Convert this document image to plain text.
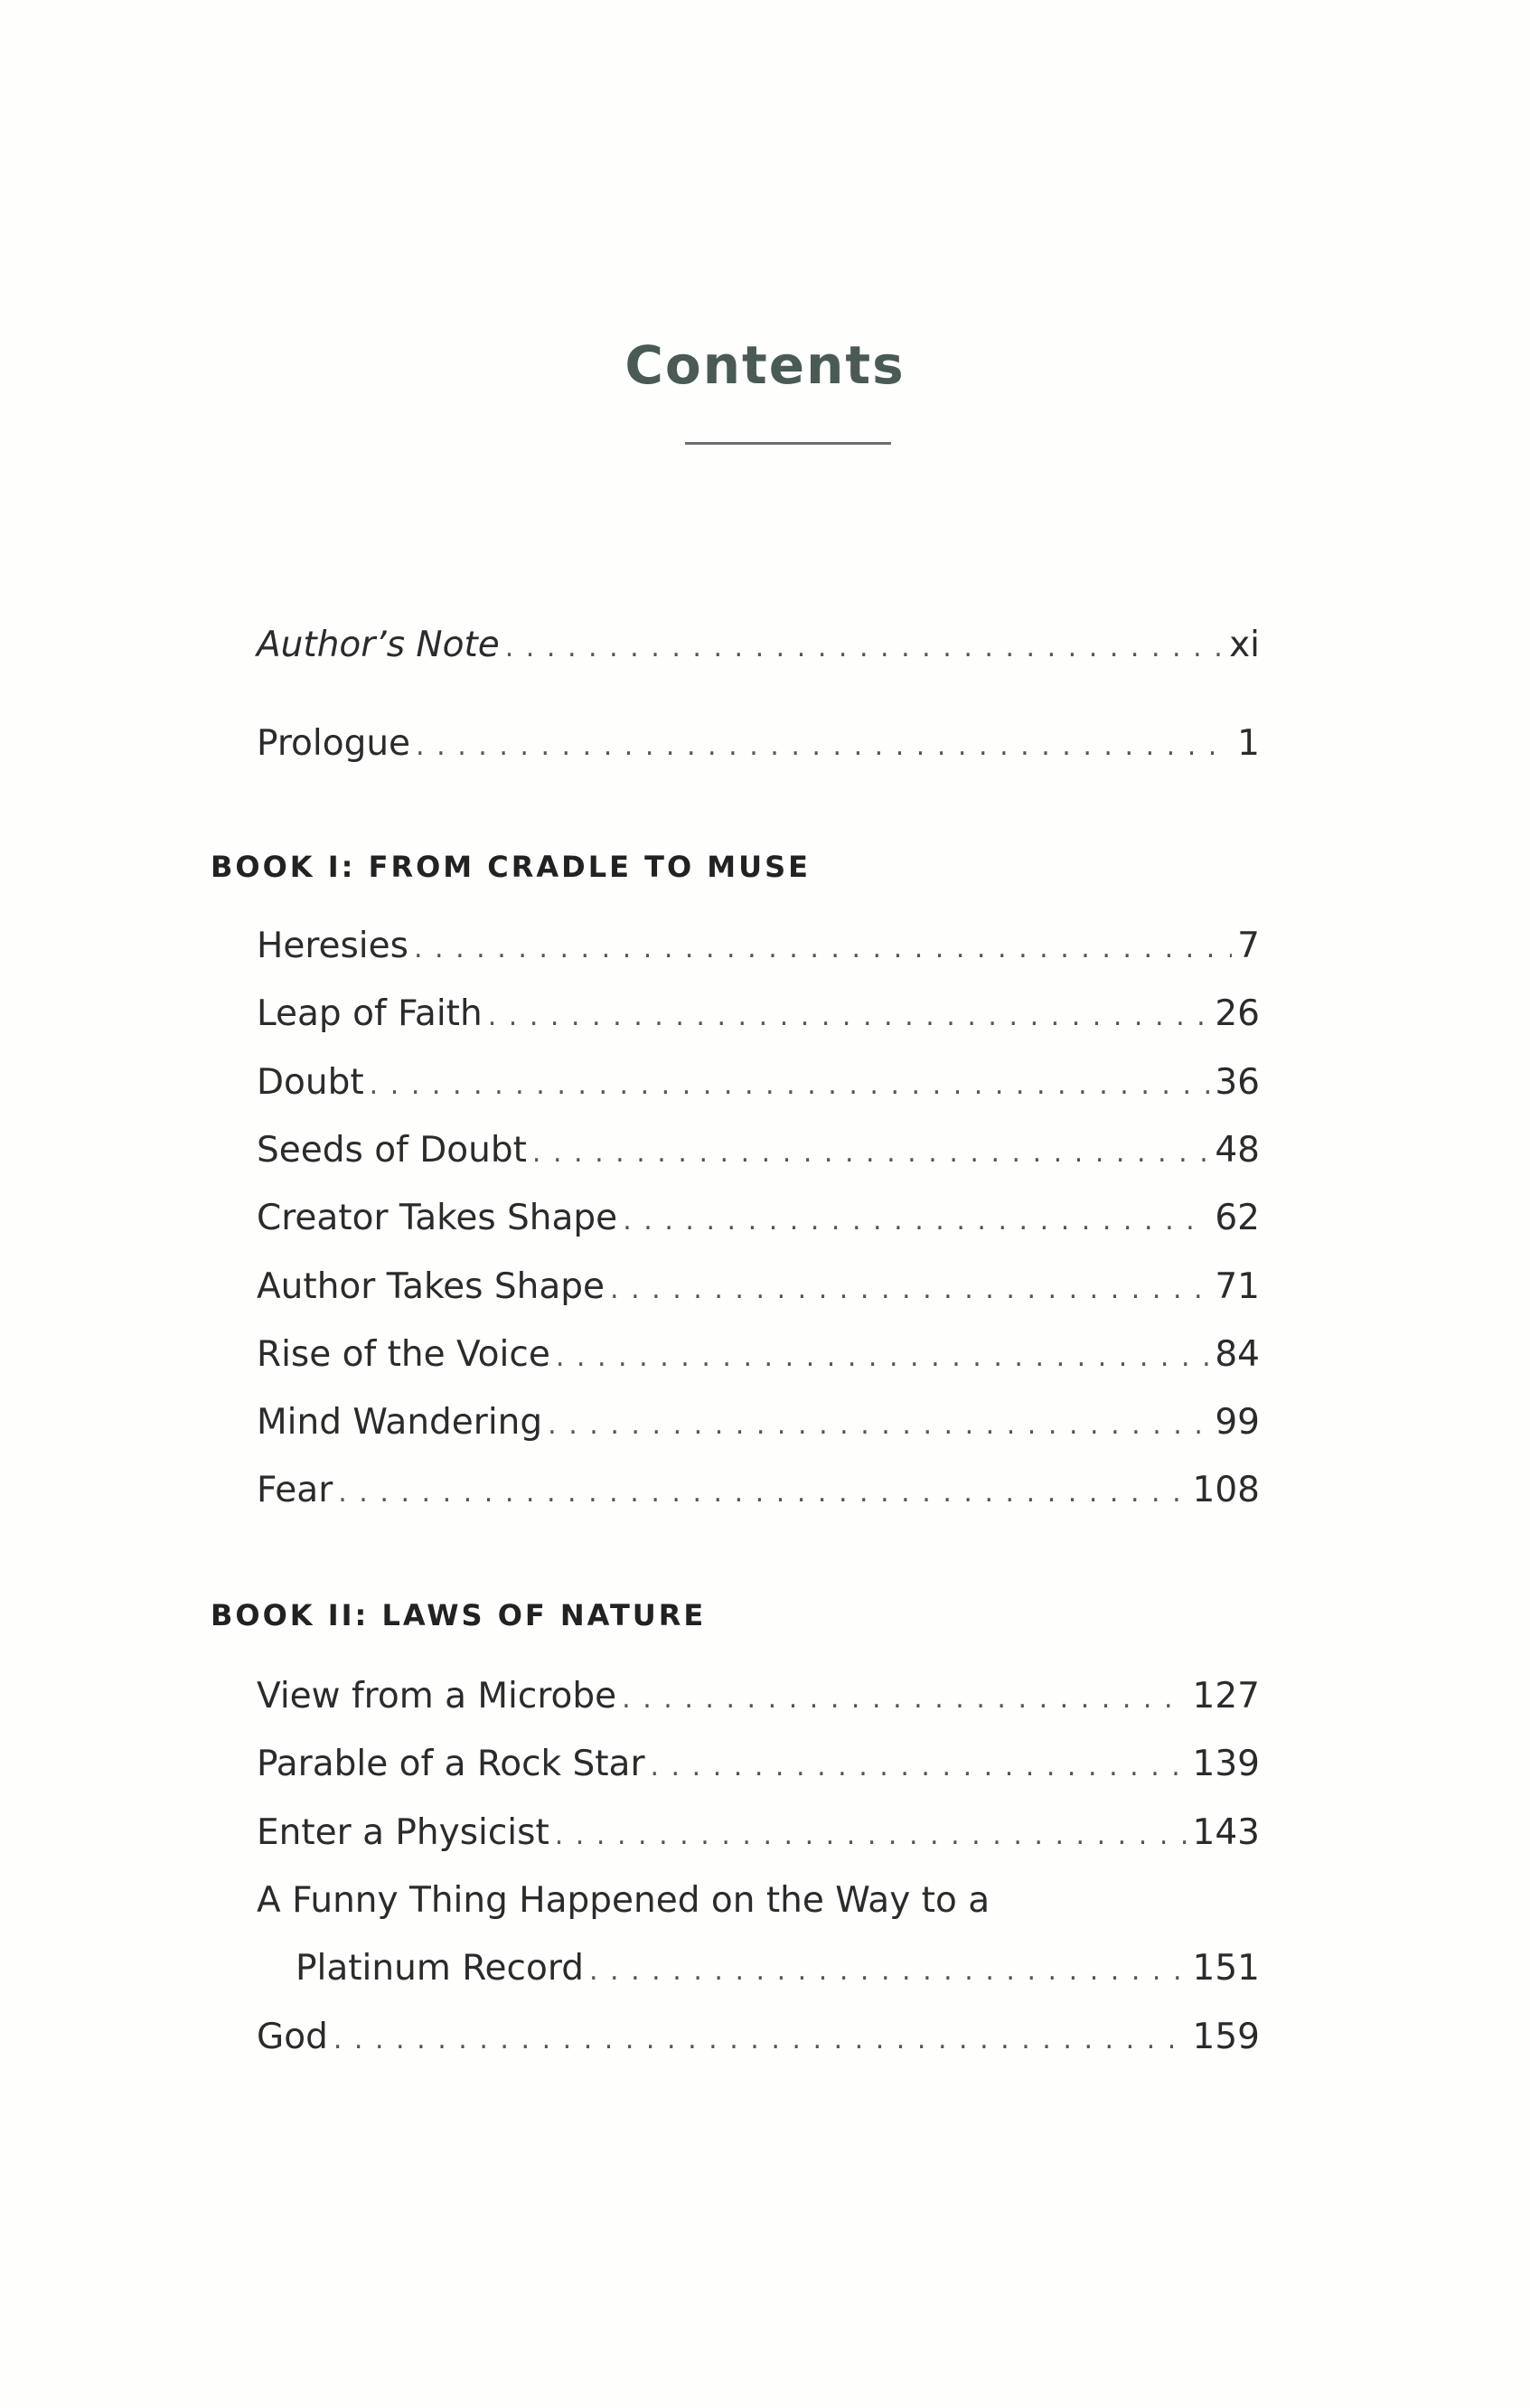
Contents
Author’s Note . . .	xi
Prologue . . .	1
BOOK I: FROM CRADLE TO MUSE
BOOK II: LAWS OF NATURE
Heresies . . .	7
Leap of Faith . . .	26
Doubt . . .	36
Seeds of Doubt . . .	48
Creator Takes Shape . . .	62
Author Takes Shape . . .	71
Rise of the Voice . . .	84
Mind Wandering . . .	99
Fear . . .	108
View from a Microbe . . .	127
Parable of a Rock Star . . .	139
Enter a Physicist . . .	143
A Funny Thing Happened on the Way to a
Platinum Record . . .	151
God . . .	159
